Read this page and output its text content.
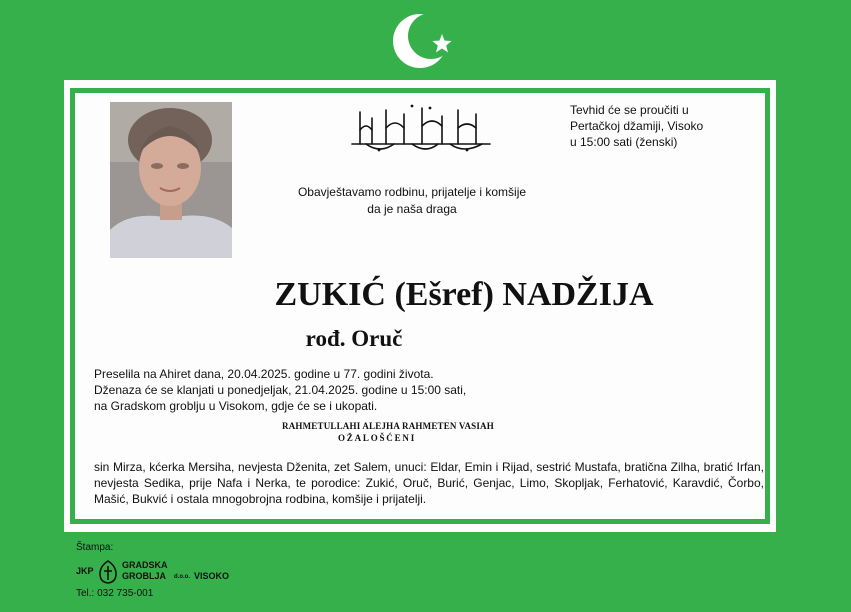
Tevhid će se proučiti u
Pertačkoj džamiji, Visoko
u 15:00 sati (ženski)
Obavještavamo rodbinu, prijatelje i komšije
da je naša draga
ZUKIĆ (Ešref) NADŽIJA
rođ. Oruč
Preselila na Ahiret dana, 20.04.2025. godine u 77. godini života.
Dženaza će se klanjati u ponedjeljak, 21.04.2025. godine u 15:00 sati,
na Gradskom groblju u Visokom, gdje će se i ukopati.
RAHMETULLAHI ALEJHA RAHMETEN VASIAH
OŽALOŠĆENI
sin Mirza, kćerka Mersiha, nevjesta Dženita, zet Salem, unuci: Eldar, Emin i Rijad, sestrić Mustafa, bratična Zilha, bratić Irfan, nevjesta Sedika, prije Nafa i Nerka, te porodice: Zukić, Oruč, Burić, Genjac, Limo, Skopljak, Ferhatović, Karavdić, Čorbo, Mašić, Bukvić i ostala mnogobrojna rodbina, komšije i prijatelji.
Štampa:
JKP
GRADSKA
GROBLJA d.o.o. VISOKO
Tel.: 032 735-001
